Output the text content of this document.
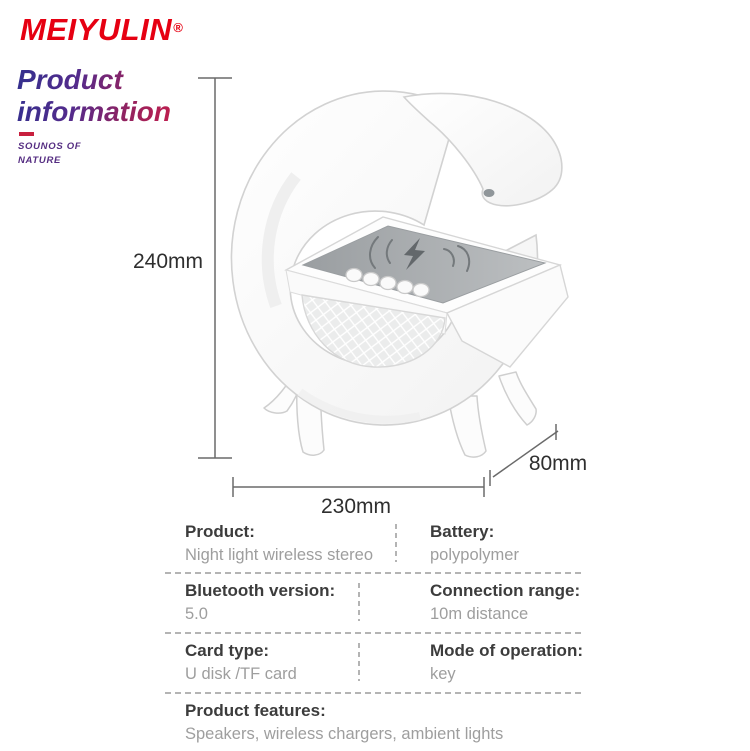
MEIYULIN®
Product
information
SOUNOS OF
NATURE
240mm
230mm
80mm
Product:
Night light wireless stereo
Battery:
polypolymer
Bluetooth version:
5.0
Connection range:
10m distance
Card type:
U disk /TF card
Mode of operation:
key
Product features:
Speakers, wireless chargers, ambient lights
